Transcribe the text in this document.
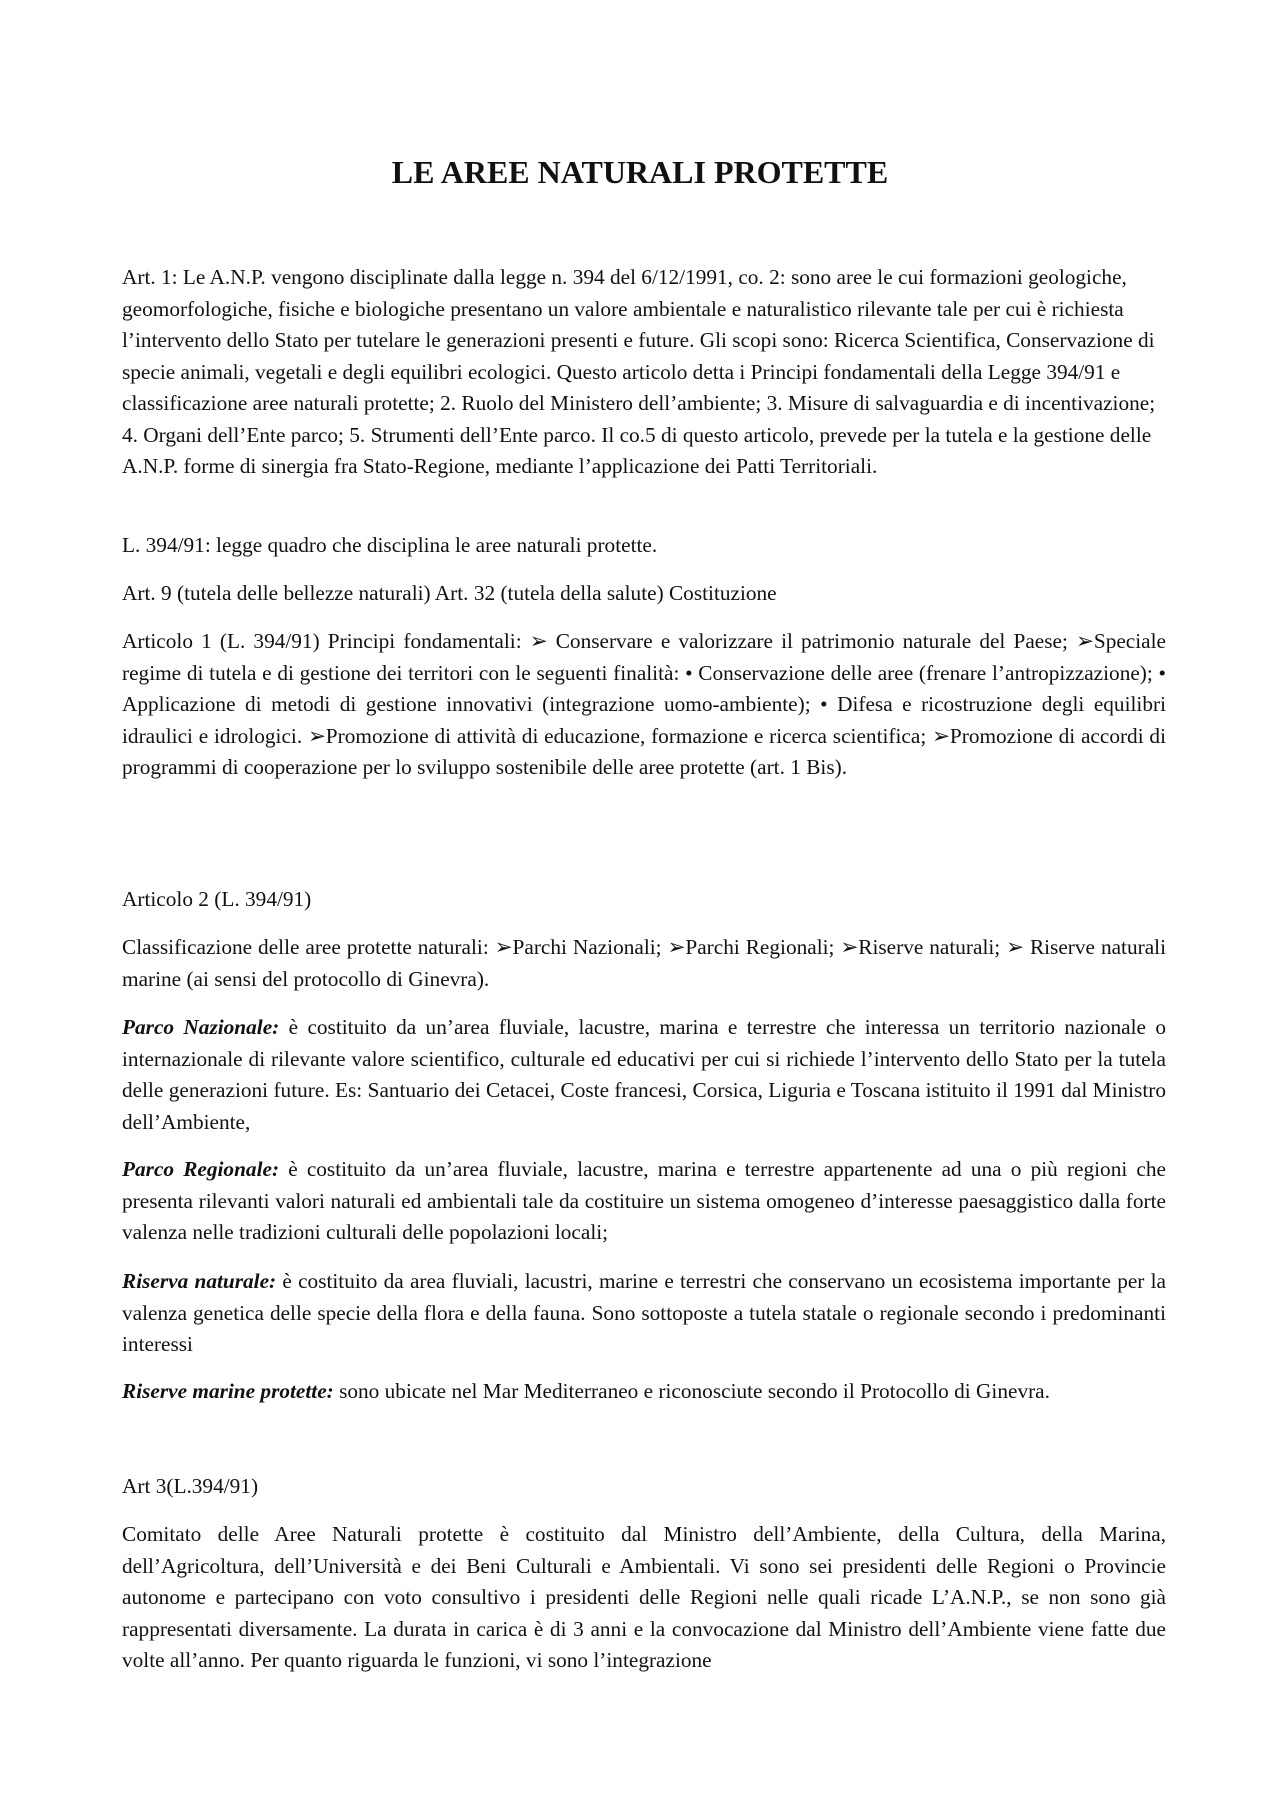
LE AREE NATURALI PROTETTE

Art. 1: Le A.N.P. vengono disciplinate dalla legge n. 394 del 6/12/1991, co. 2: sono aree le cui formazioni geologiche, geomorfologiche, fisiche e biologiche presentano un valore ambientale e naturalistico rilevante tale per cui è richiesta l’intervento dello Stato per tutelare le generazioni presenti e future. Gli scopi sono: Ricerca Scientifica, Conservazione di specie animali, vegetali e degli equilibri ecologici. Questo articolo detta i Principi fondamentali della Legge 394/91 e classificazione aree naturali protette; 2. Ruolo del Ministero dell’ambiente; 3. Misure di salvaguardia e di incentivazione; 4. Organi dell’Ente parco; 5. Strumenti dell’Ente parco. Il co.5 di questo articolo, prevede per la tutela e la gestione delle A.N.P. forme di sinergia fra Stato-Regione, mediante l’applicazione dei Patti Territoriali.

L. 394/91: legge quadro che disciplina le aree naturali protette.

Art. 9 (tutela delle bellezze naturali) Art. 32 (tutela della salute) Costituzione

Articolo 1 (L. 394/91) Principi fondamentali: ➢ Conservare e valorizzare il patrimonio naturale del Paese; ➢Speciale regime di tutela e di gestione dei territori con le seguenti finalità: • Conservazione delle aree (frenare l’antropizzazione); • Applicazione di metodi di gestione innovativi (integrazione uomo-ambiente); • Difesa e ricostruzione degli equilibri idraulici e idrologici. ➢Promozione di attività di educazione, formazione e ricerca scientifica; ➢Promozione di accordi di programmi di cooperazione per lo sviluppo sostenibile delle aree protette (art. 1 Bis).

Articolo 2 (L. 394/91)

Classificazione delle aree protette naturali: ➢Parchi Nazionali; ➢Parchi Regionali; ➢Riserve naturali; ➢ Riserve naturali marine (ai sensi del protocollo di Ginevra).

Parco Nazionale: è costituito da un’area fluviale, lacustre, marina e terrestre che interessa un territorio nazionale o internazionale di rilevante valore scientifico, culturale ed educativi per cui si richiede l’intervento dello Stato per la tutela delle generazioni future. Es: Santuario dei Cetacei, Coste francesi, Corsica, Liguria e Toscana istituito il 1991 dal Ministro dell’Ambiente,

Parco Regionale: è costituito da un’area fluviale, lacustre, marina e terrestre appartenente ad una o più regioni che presenta rilevanti valori naturali ed ambientali tale da costituire un sistema omogeneo d’interesse paesaggistico dalla forte valenza nelle tradizioni culturali delle popolazioni locali;

Riserva naturale: è costituito da area fluviali, lacustri, marine e terrestri che conservano un ecosistema importante per la valenza genetica delle specie della flora e della fauna. Sono sottoposte a tutela statale o regionale secondo i predominanti interessi

Riserve marine protette: sono ubicate nel Mar Mediterraneo e riconosciute secondo il Protocollo di Ginevra.

Art 3(L.394/91)

Comitato delle Aree Naturali protette è costituito dal Ministro dell’Ambiente, della Cultura, della Marina, dell’Agricoltura, dell’Università e dei Beni Culturali e Ambientali. Vi sono sei presidenti delle Regioni o Provincie autonome e partecipano con voto consultivo i presidenti delle Regioni nelle quali ricade L’A.N.P., se non sono già rappresentati diversamente. La durata in carica è di 3 anni e la convocazione dal Ministro dell’Ambiente viene fatte due volte all’anno. Per quanto riguarda le funzioni, vi sono l’integrazione
